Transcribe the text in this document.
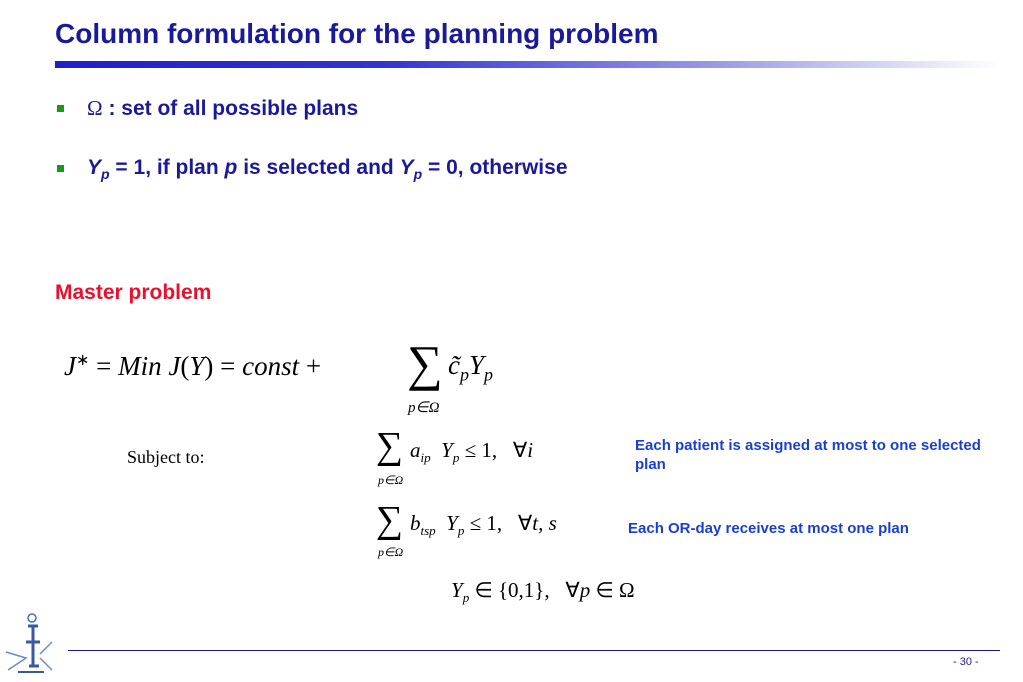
Column formulation for the planning problem
Ω : set of all possible plans
$Y_p = 1$, if plan p is selected and $Y_p = 0$, otherwise
Master problem
J∗ = Min J(Y) = const + ∑ $c̃_pY_p$
p∈Ω
Subject to:	∑ $a_{ip}$ $Y_p \le 1$, ∀i
p∈Ω
Each patient is assigned at most to one selected plan
∑ $b_{tsp}$ $Y_p \le 1$, ∀t, s
p∈Ω
Each OR-day receives at most one plan
$Y_p$ ∈ {0,1}, ∀p ∈ Ω
- 30 -
